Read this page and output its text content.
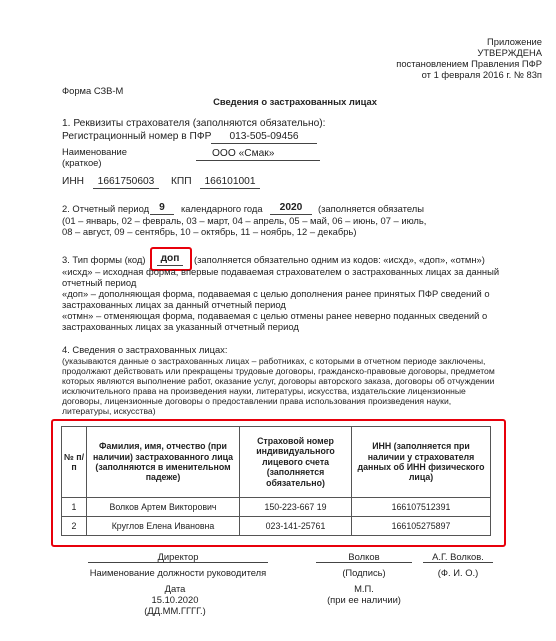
Приложение
УТВЕРЖДЕНА
постановлением Правления ПФР
от 1 февраля 2016 г. № 83п
Форма СЗВ-М
Сведения о застрахованных лицах
1. Реквизиты страхователя (заполняются обязательно):
Регистрационный номер в ПФР	013-505-09456
Наименование
(краткое)
ООО «Смак»
ИНН	1661750603	КПП	166101001
2. Отчетный период 9	календарного года	2020	(заполняется обязателы
(01 – январь, 02 – февраль, 03 – март, 04 – апрель, 05 – май, 06 – июнь, 07 – июль,
08 – август, 09 – сентябрь, 10 – октябрь, 11 – ноябрь, 12 – декабрь)
3. Тип формы (код)	доп	(заполняется обязательно одним из кодов: «исхд», «доп», «отмн»)
«исхд» – исходная форма, впервые подаваемая страхователем о застрахованных лицах за данный
отчетный период
«доп» – дополняющая форма, подаваемая с целью дополнения ранее принятых ПФР сведений о
застрахованных лицах за данный отчетный период
«отмн» – отменяющая форма, подаваемая с целью отмены ранее неверно поданных сведений о
застрахованных лицах за указанный отчетный период
4. Сведения о застрахованных лицах:
(указываются данные о застрахованных лицах – работниках, с которыми в отчетном периоде заключены,
продолжают действовать или прекращены трудовые договоры, гражданско-правовые договоры, предметом
которых являются выполнение работ, оказание услуг, договоры авторского заказа, договоры об отчуждении
исключительного права на произведения науки, литературы, искусства, издательские лицензионные
договоры, лицензионные договоры о предоставлении права использования произведения науки,
литературы, искусства)
№ п/п	Фамилия, имя, отчество (при наличии) застрахованного лица (заполняются в именительном падеже)	Страховой номер индивидуального лицевого счета (заполняется обязательно)	ИНН (заполняется при наличии у страхователя данных об ИНН физического лица)
1	Волков Артем Викторович	150-223-667 19	166107512391
2	Круглов Елена Ивановна	023-141-25761	166105275897
Директор
Наименование должности руководителя
Волков
(Подпись)
А.Г. Волков.
(Ф. И. О.)
Дата
15.10.2020
(ДД.ММ.ГГГГ.)
М.П.
(при ее наличии)
